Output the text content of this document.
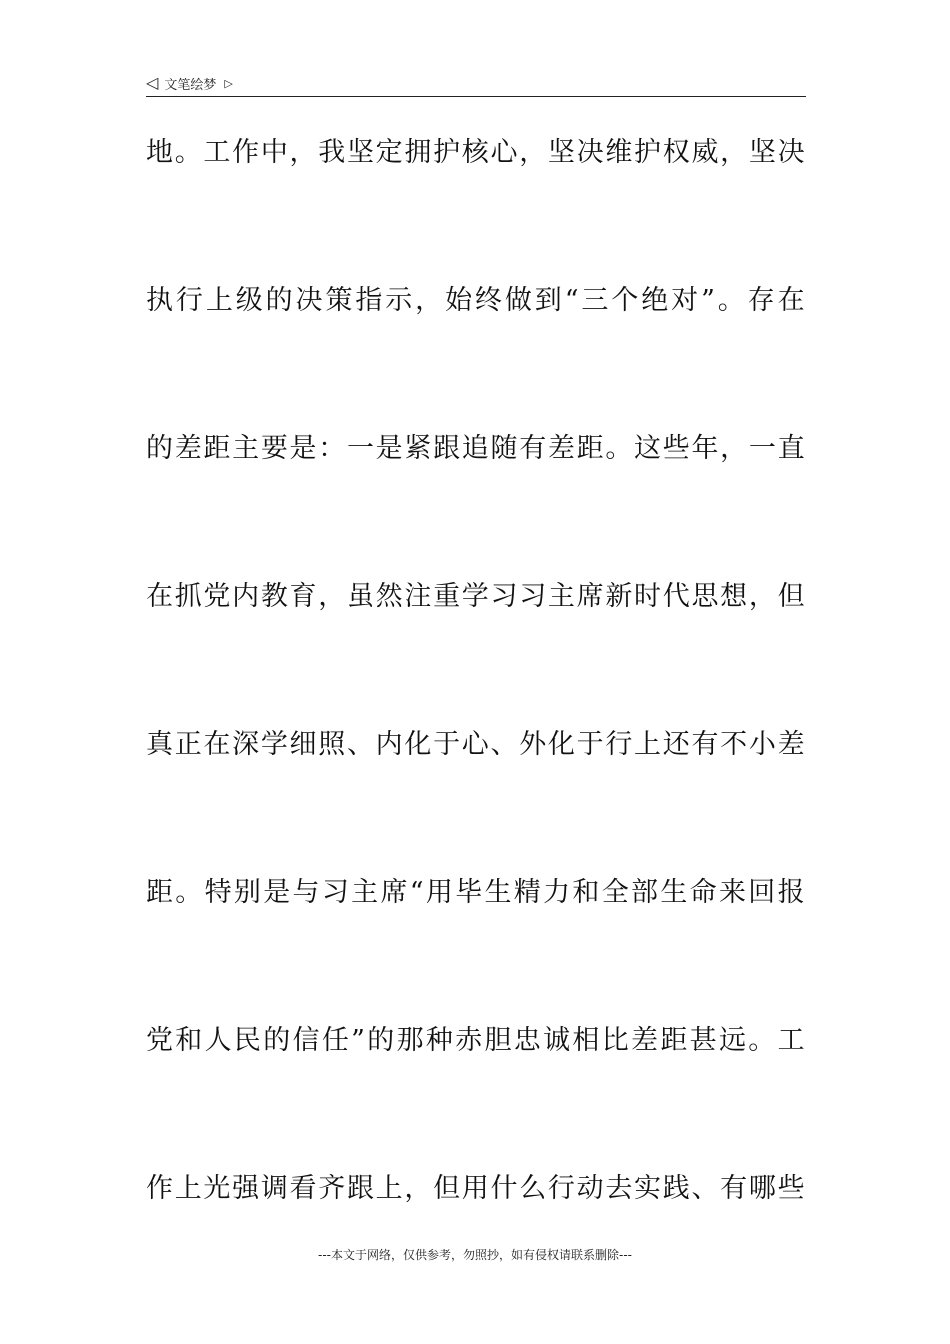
◁ 文笔绘梦 ▷
地。工作中，我坚定拥护核心，坚决维护权威，坚决
执行上级的决策指示，始终做到“三个绝对”。存在
的差距主要是：一是紧跟追随有差距。这些年，一直
在抓党内教育，虽然注重学习习主席新时代思想，但
真正在深学细照、内化于心、外化于行上还有不小差
距。特别是与习主席“用毕生精力和全部生命来回报
党和人民的信任”的那种赤胆忠诚相比差距甚远。工
作上光强调看齐跟上，但用什么行动去实践、有哪些
---本文于网络，仅供参考，勿照抄，如有侵权请联系删除---
